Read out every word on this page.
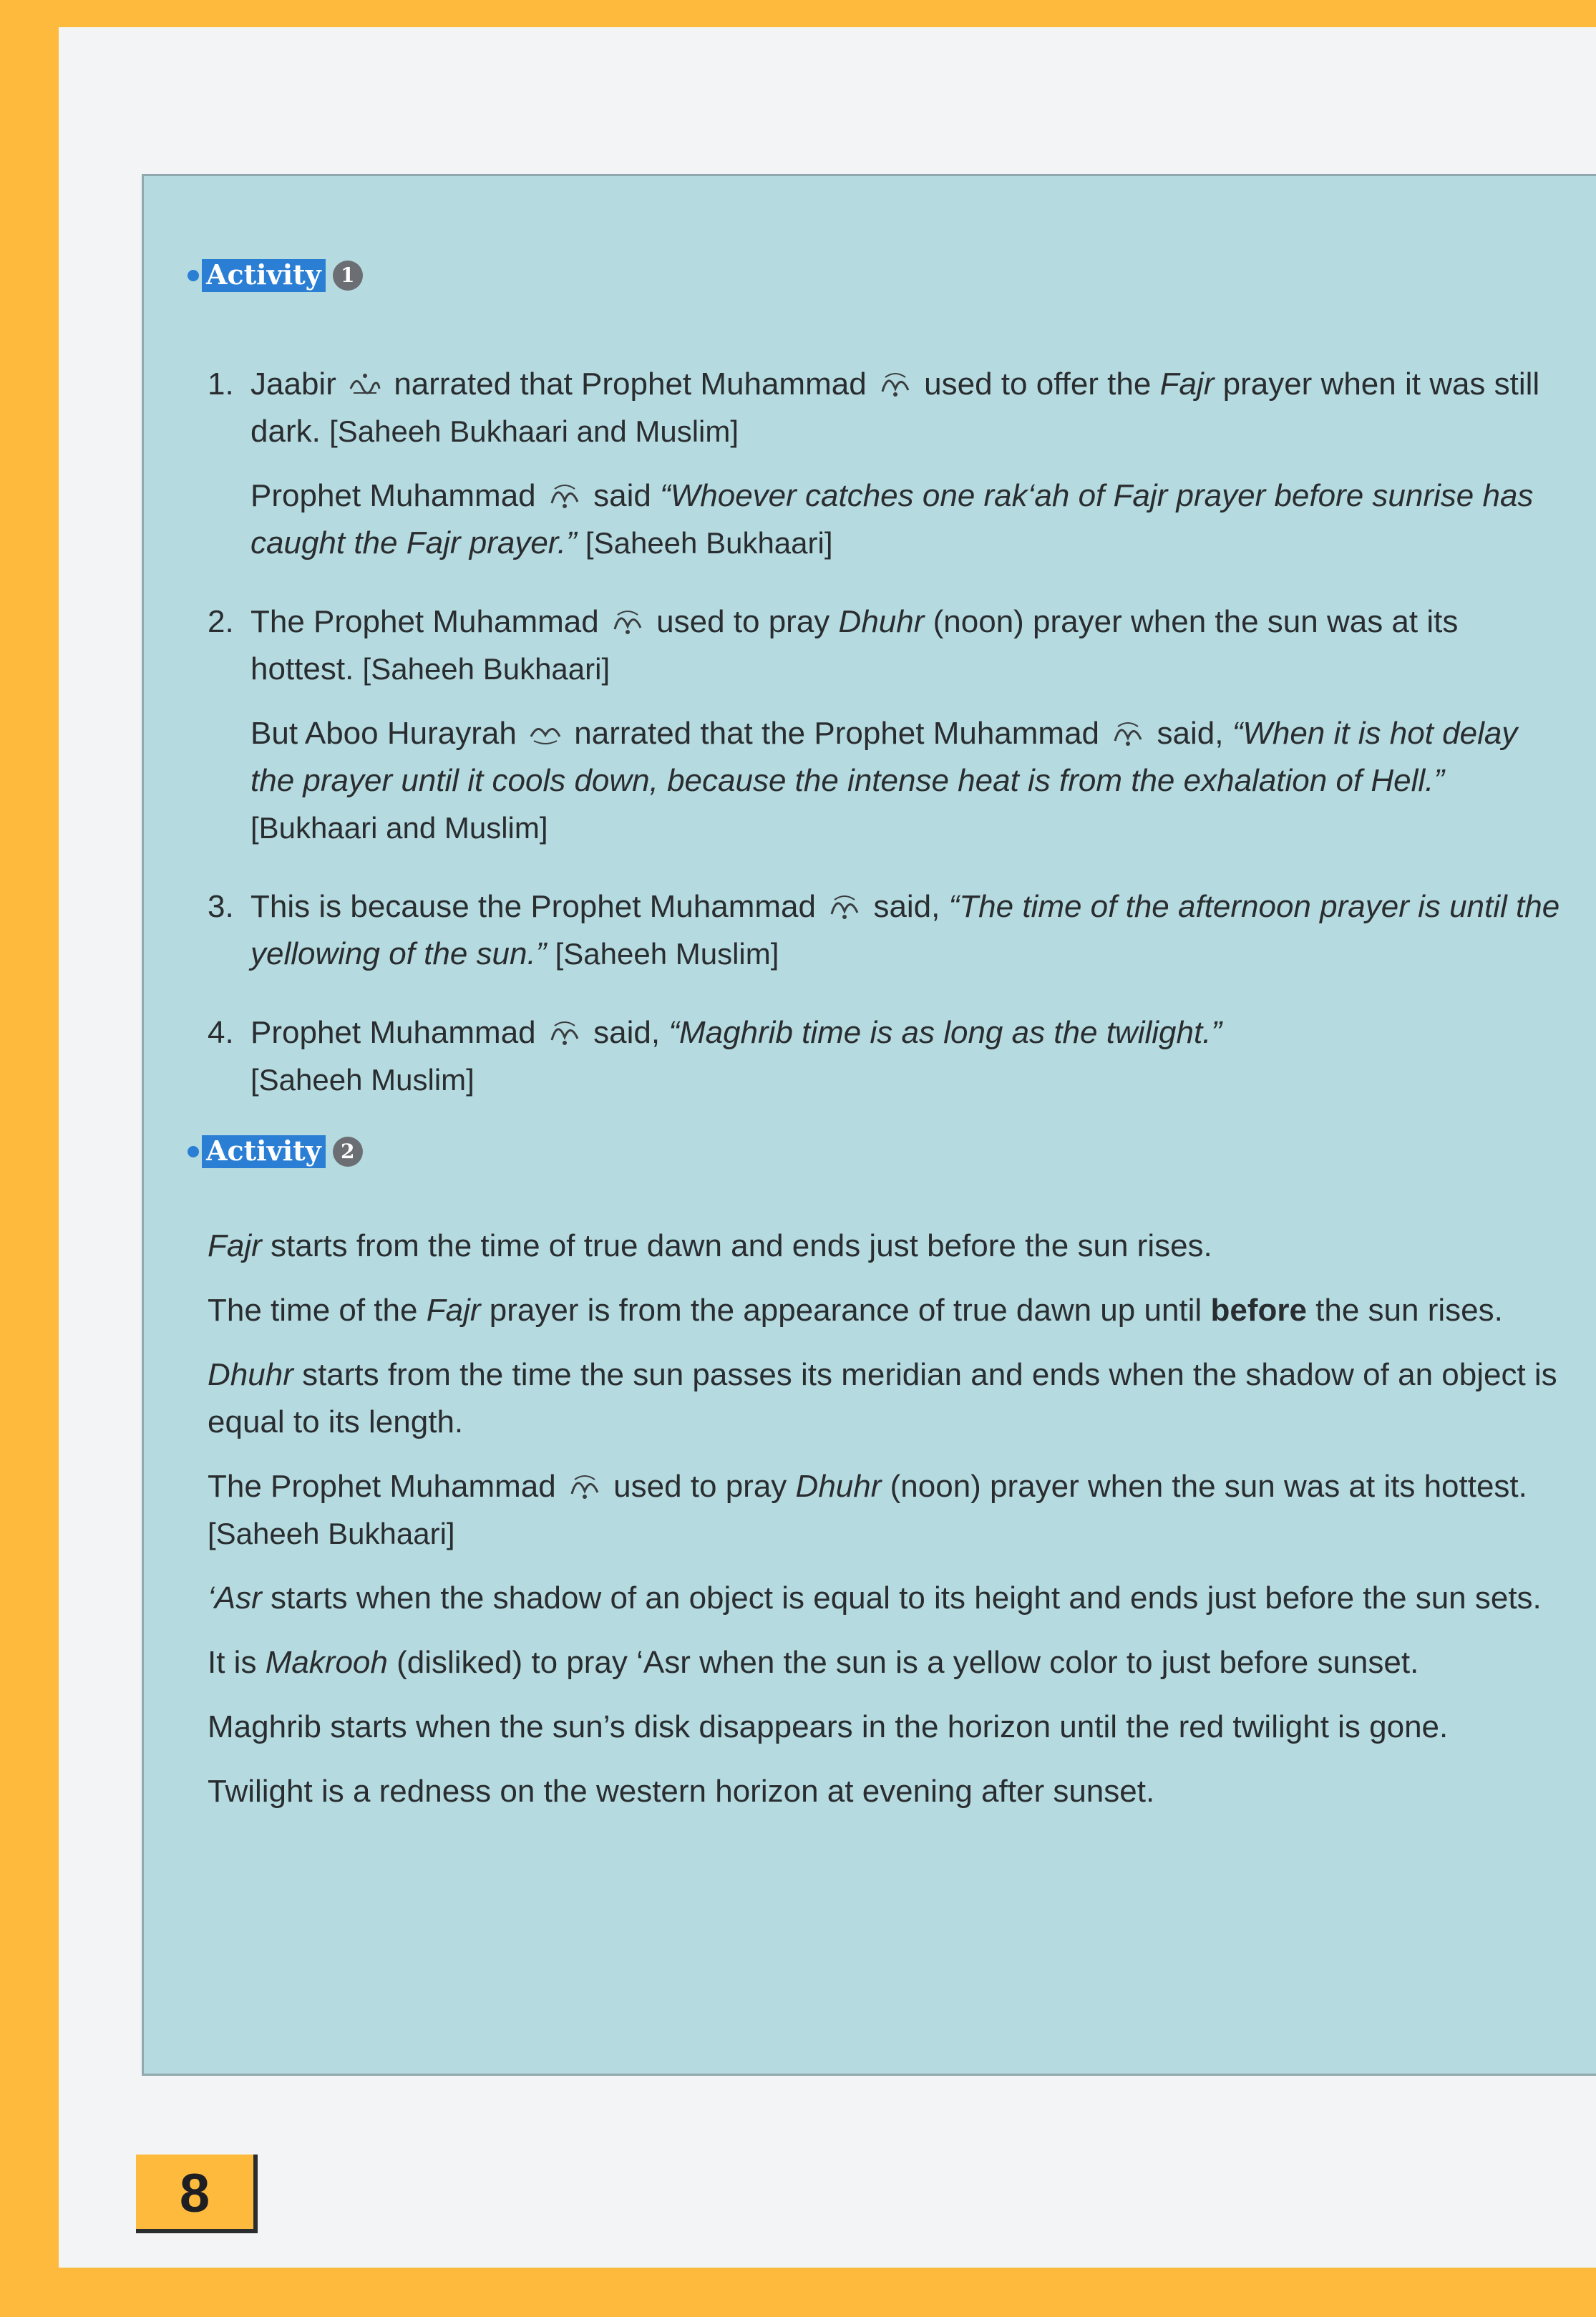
Activity 1
1. Jaabir narrated that Prophet Muhammad used to offer the Fajr prayer when it was still dark. [Saheeh Bukhaari and Muslim]

Prophet Muhammad said “Whoever catches one rak‘ah of Fajr prayer before sunrise has caught the Fajr prayer.” [Saheeh Bukhaari]

2. The Prophet Muhammad used to pray Dhuhr (noon) prayer when the sun was at its hottest. [Saheeh Bukhaari]

But Aboo Hurayrah narrated that the Prophet Muhammad said, “When it is hot delay the prayer until it cools down, because the intense heat is from the exhalation of Hell.” [Bukhaari and Muslim]

3. This is because the Prophet Muhammad said, “The time of the afternoon prayer is until the yellowing of the sun.” [Saheeh Muslim]

4. Prophet Muhammad said, “Maghrib time is as long as the twilight.”
[Saheeh Muslim]

Activity 2

Fajr starts from the time of true dawn and ends just before the sun rises.

The time of the Fajr prayer is from the appearance of true dawn up until before the sun rises.

Dhuhr starts from the time the sun passes its meridian and ends when the shadow of an object is equal to its length.

The Prophet Muhammad used to pray Dhuhr (noon) prayer when the sun was at its hottest. [Saheeh Bukhaari]

‘Asr starts when the shadow of an object is equal to its height and ends just before the sun sets.

It is Makrooh (disliked) to pray ‘Asr when the sun is a yellow color to just before sunset.

Maghrib starts when the sun’s disk disappears in the horizon until the red twilight is gone.

Twilight is a redness on the western horizon at evening after sunset.

8
